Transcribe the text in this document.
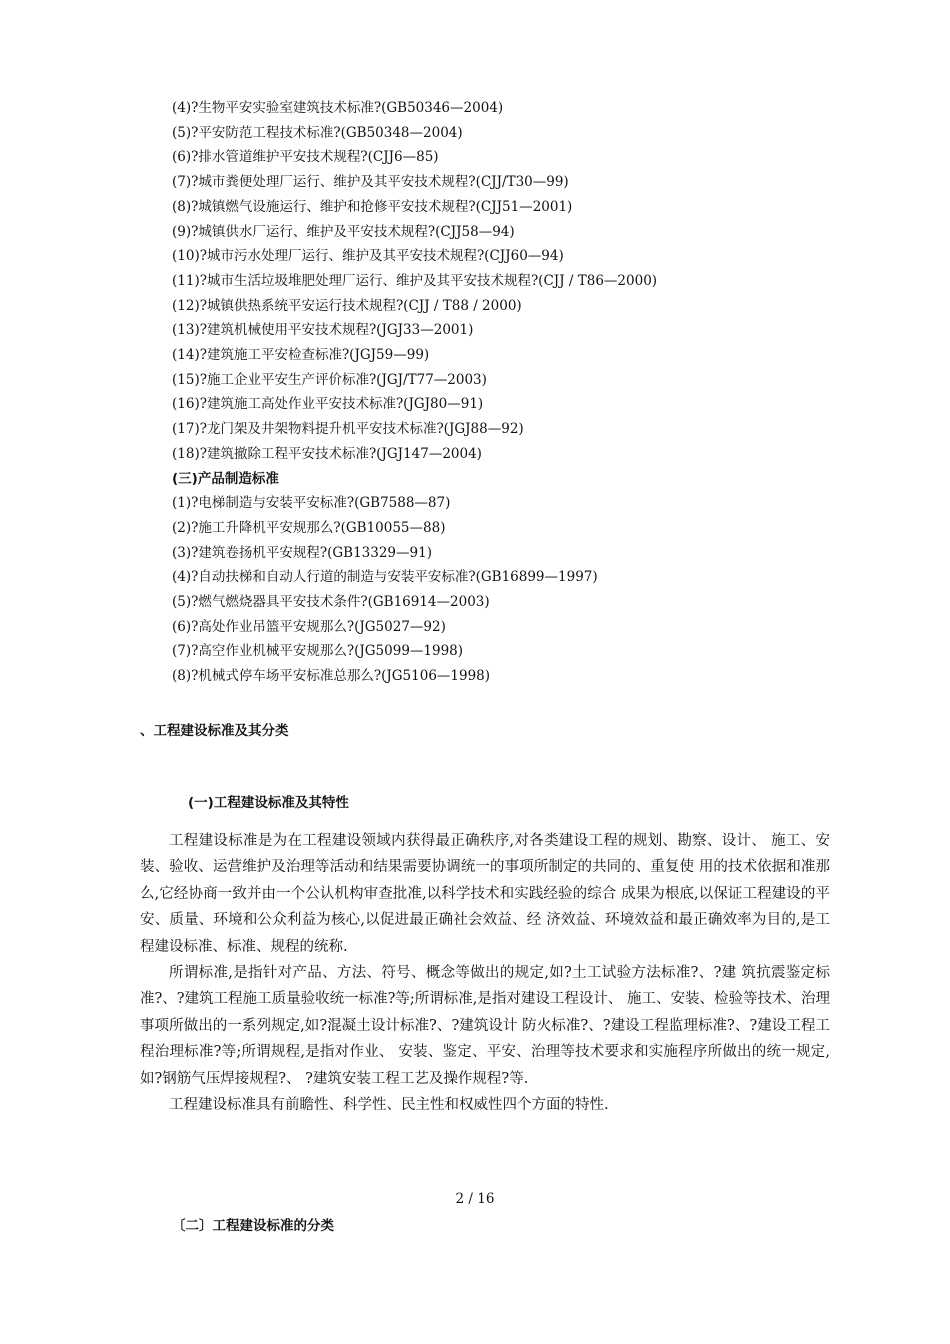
(4)?生物平安实验室建筑技术标准?(GB50346—2004)
(5)?平安防范工程技术标准?(GB50348—2004)
(6)?排水管道维护平安技术规程?(CJJ6—85)
(7)?城市粪便处理厂运行、维护及其平安技术规程?(CJJ/T30—99)
(8)?城镇燃气设施运行、维护和抢修平安技术规程?(CJJ51—2001)
(9)?城镇供水厂运行、维护及平安技术规程?(CJJ58—94)
(10)?城市污水处理厂运行、维护及其平安技术规程?(CJJ60—94)
(11)?城市生活垃圾堆肥处理厂运行、维护及其平安技术规程?(CJJ / T86—2000)
(12)?城镇供热系统平安运行技术规程?(CJJ / T88 / 2000)
(13)?建筑机械使用平安技术规程?(JGJ33—2001)
(14)?建筑施工平安检查标准?(JGJ59—99)
(15)?施工企业平安生产评价标准?(JGJ/T77—2003)
(16)?建筑施工高处作业平安技术标准?(JGJ80—91)
(17)?龙门架及井架物料提升机平安技术标准?(JGJ88—92)
(18)?建筑撤除工程平安技术标准?(JGJ147—2004)
(三)产品制造标准
(1)?电梯制造与安装平安标准?(GB7588—87)
(2)?施工升降机平安规那么?(GB10055—88)
(3)?建筑卷扬机平安规程?(GB13329—91)
(4)?自动扶梯和自动人行道的制造与安装平安标准?(GB16899—1997)
(5)?燃气燃烧器具平安技术条件?(GB16914—2003)
(6)?高处作业吊篮平安规那么?(JG5027—92)
(7)?高空作业机械平安规那么?(JG5099—1998)
(8)?机械式停车场平安标准总那么?(JG5106—1998)
、工程建设标准及其分类
(一)工程建设标准及其特性

工程建设标准是为在工程建设领域内获得最正确秩序,对各类建设工程的规划、勘察、设计、 施工、安装、验收、运营维护及治理等活动和结果需要协调统一的事项所制定的共同的、重复使 用的技术依据和准那么,它经协商一致并由一个公认机构审查批准,以科学技术和实践经验的综合 成果为根底,以保证工程建设的平安、质量、环境和公众利益为核心,以促进最正确社会效益、经 济效益、环境效益和最正确效率为目的,是工程建设标准、标准、规程的统称.

所谓标准,是指针对产品、方法、符号、概念等做出的规定,如?土工试验方法标准?、?建 筑抗震鉴定标准?、?建筑工程施工质量验收统一标准?等;所谓标准,是指对建设工程设计、 施工、安装、检验等技术、治理事项所做出的一系列规定,如?混凝土设计标准?、?建筑设计 防火标准?、?建设工程监理标准?、?建设工程工程治理标准?等;所谓规程,是指对作业、 安装、鉴定、平安、治理等技术要求和实施程序所做出的统一规定,如?钢筋气压焊接规程?、 ?建筑安装工程工艺及操作规程?等.

工程建设标准具有前瞻性、科学性、民主性和权威性四个方面的特性.

2 / 16
〔二〕工程建设标准的分类
